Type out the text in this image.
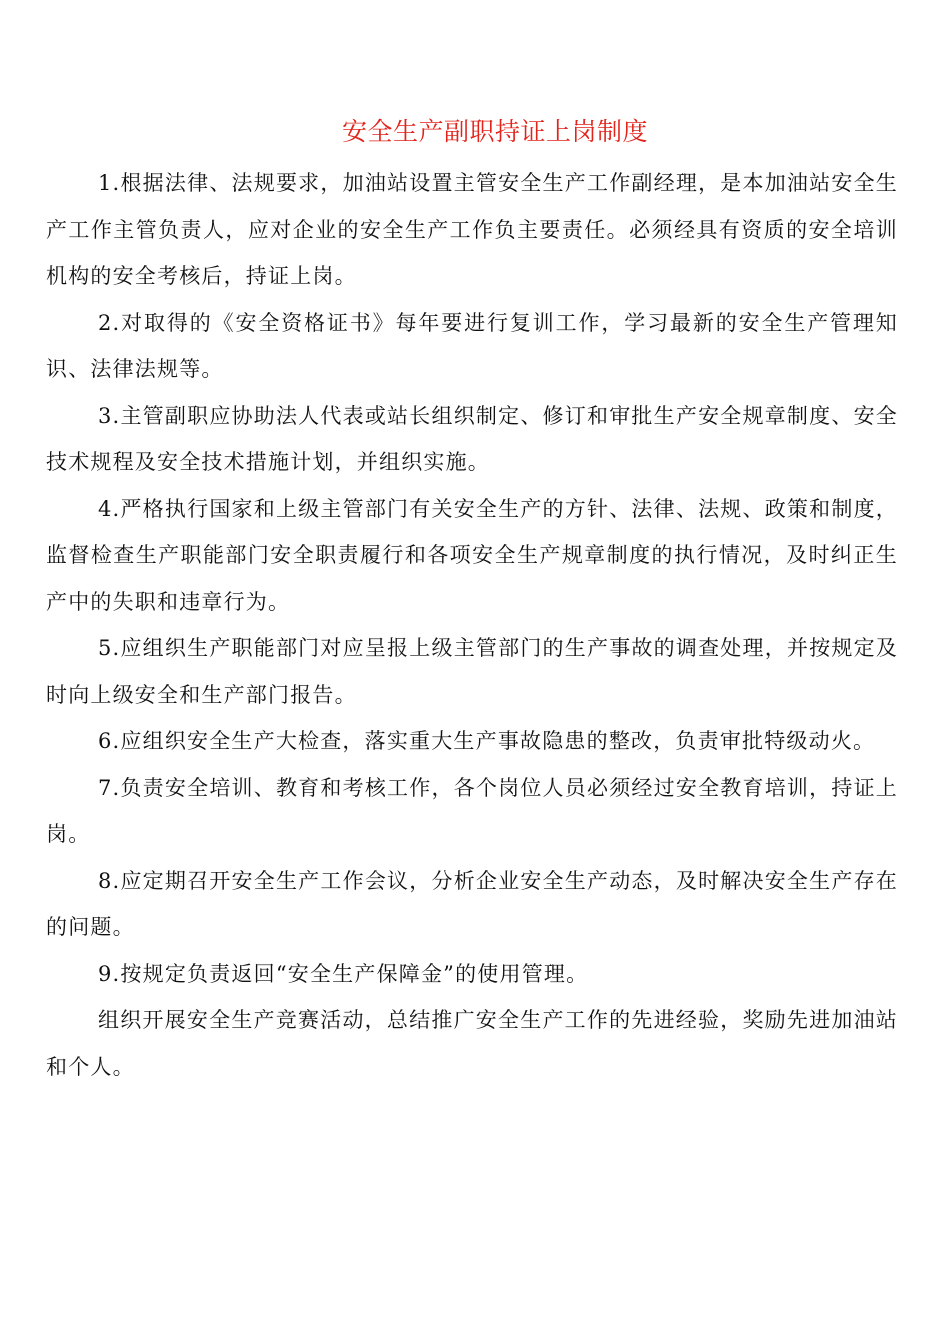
安全生产副职持证上岗制度

1.根据法律、法规要求，加油站设置主管安全生产工作副经理，是本加油站安全生产工作主管负责人，应对企业的安全生产工作负主要责任。必须经具有资质的安全培训机构的安全考核后，持证上岗。

2.对取得的《安全资格证书》每年要进行复训工作，学习最新的安全生产管理知识、法律法规等。

3.主管副职应协助法人代表或站长组织制定、修订和审批生产安全规章制度、安全技术规程及安全技术措施计划，并组织实施。

4.严格执行国家和上级主管部门有关安全生产的方针、法律、法规、政策和制度，监督检查生产职能部门安全职责履行和各项安全生产规章制度的执行情况，及时纠正生产中的失职和违章行为。

5.应组织生产职能部门对应呈报上级主管部门的生产事故的调查处理，并按规定及时向上级安全和生产部门报告。

6.应组织安全生产大检查，落实重大生产事故隐患的整改，负责审批特级动火。

7.负责安全培训、教育和考核工作，各个岗位人员必须经过安全教育培训，持证上岗。

8.应定期召开安全生产工作会议，分析企业安全生产动态，及时解决安全生产存在的问题。

9.按规定负责返回“安全生产保障金”的使用管理。

组织开展安全生产竞赛活动，总结推广安全生产工作的先进经验，奖励先进加油站和个人。
